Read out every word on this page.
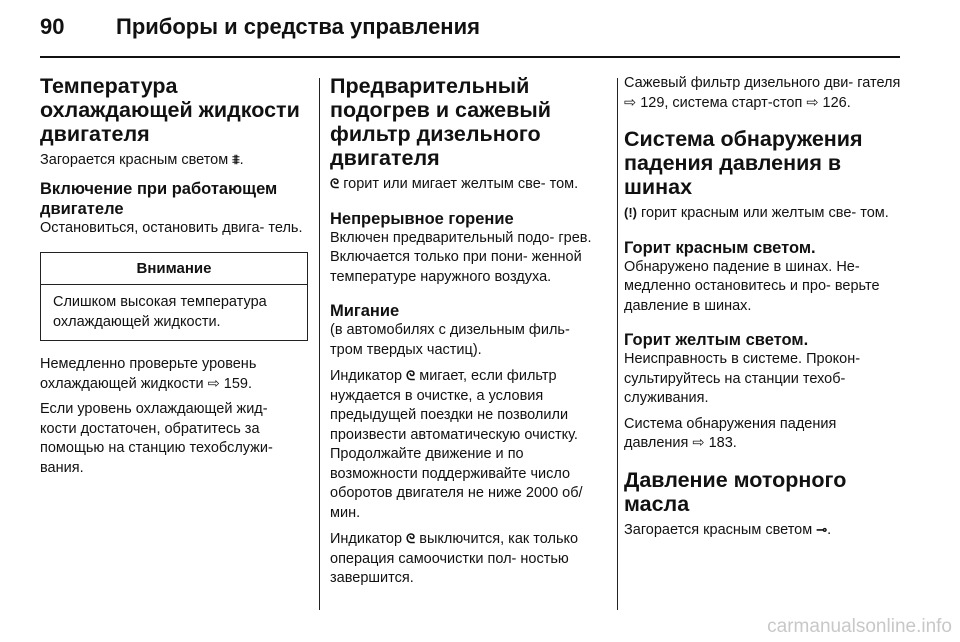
90 Приборы и средства управления
Температура охлаждающей жидкости двигателя

Загорается красным светом ⩨.

Включение при работающем двигателе

Остановиться, остановить двига- тель.

Внимание
Слишком высокая температура охлаждающей жидкости.

Немедленно проверьте уровень охлаждающей жидкости ⇨ 159.

Если уровень охлаждающей жид- кости достаточен, обратитесь за помощью на станцию техобслужи- вания.

Предварительный подогрев и сажевый фильтр дизельного двигателя

ᘓ горит или мигает желтым све- том.

Непрерывное горение

Включен предварительный подо- грев. Включается только при пони- женной температуре наружного воздуха.

Мигание

(в автомобилях с дизельным филь- тром твердых частиц).

Индикатор ᘓ мигает, если фильтр нуждается в очистке, а условия предыдущей поездки не позволили произвести автоматическую очистку. Продолжайте движение и по возможности поддерживайте число оборотов двигателя не ниже 2000 об/мин.

Индикатор ᘓ выключится, как только операция самоочистки пол- ностью завершится.

Сажевый фильтр дизельного дви- гателя ⇨ 129, система старт-стоп ⇨ 126.

Система обнаружения падения давления в шинах

(!) горит красным или желтым све- том.

Горит красным светом.

Обнаружено падение в шинах. Не- медленно остановитесь и про- верьте давление в шинах.

Горит желтым светом.

Неисправность в системе. Прокон- сультируйтесь на станции техоб- служивания.

Система обнаружения падения давления ⇨ 183.

Давление моторного масла

Загорается красным светом ⊸.

carmanualsonline.info
